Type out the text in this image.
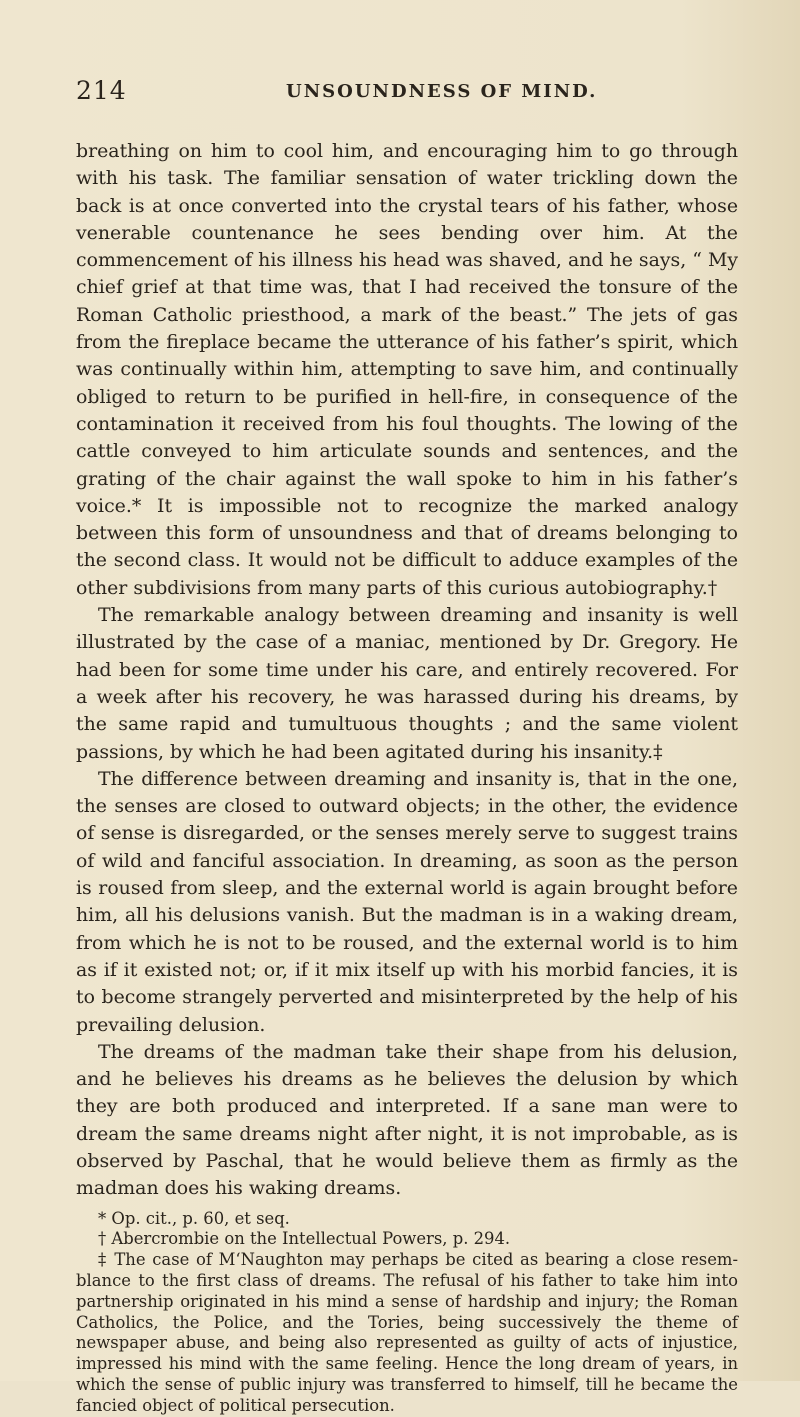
214	UNSOUNDNESS OF MIND.

breathing on him to cool him, and encouraging him to go through with his task. The familiar sensation of water trickling down the back is at once converted into the crystal tears of his father, whose venerable countenance he sees bending over him. At the commencement of his illness his head was shaved, and he says, “ My chief grief at that time was, that I had received the tonsure of the Roman Catholic priesthood, a mark of the beast.” The jets of gas from the fireplace became the utterance of his father’s spirit, which was continually within him, attempting to save him, and continually obliged to return to be purified in hell-fire, in consequence of the contamination it received from his foul thoughts. The lowing of the cattle conveyed to him articulate sounds and sentences, and the grating of the chair against the wall spoke to him in his father’s voice.* It is impossible not to recognize the marked analogy between this form of unsoundness and that of dreams belonging to the second class. It would not be difficult to adduce examples of the other subdivisions from many parts of this curious autobiography.†

The remarkable analogy between dreaming and insanity is well illustrated by the case of a maniac, mentioned by Dr. Gregory. He had been for some time under his care, and entirely recovered. For a week after his recovery, he was harassed during his dreams, by the same rapid and tumultuous thoughts ; and the same violent passions, by which he had been agitated during his insanity.‡

The difference between dreaming and insanity is, that in the one, the senses are closed to outward objects; in the other, the evidence of sense is disregarded, or the senses merely serve to suggest trains of wild and fanciful association. In dreaming, as soon as the person is roused from sleep, and the external world is again brought before him, all his delusions vanish. But the madman is in a waking dream, from which he is not to be roused, and the external world is to him as if it existed not; or, if it mix itself up with his morbid fancies, it is to become strangely perverted and misinterpreted by the help of his prevailing delusion.

The dreams of the madman take their shape from his delusion, and he believes his dreams as he believes the delusion by which they are both produced and interpreted. If a sane man were to dream the same dreams night after night, it is not improbable, as is observed by Paschal, that he would believe them as firmly as the madman does his waking dreams.

* Op. cit., p. 60, et seq.

† Abercrombie on the Intellectual Powers, p. 294.

‡ The case of M‘Naughton may perhaps be cited as bearing a close resemblance to the first class of dreams. The refusal of his father to take him into partnership originated in his mind a sense of hardship and injury; the Roman Catholics, the Police, and the Tories, being successively the theme of newspaper abuse, and being also represented as guilty of acts of injustice, impressed his mind with the same feeling. Hence the long dream of years, in which the sense of public injury was transferred to himself, till he became the fancied object of political persecution.
